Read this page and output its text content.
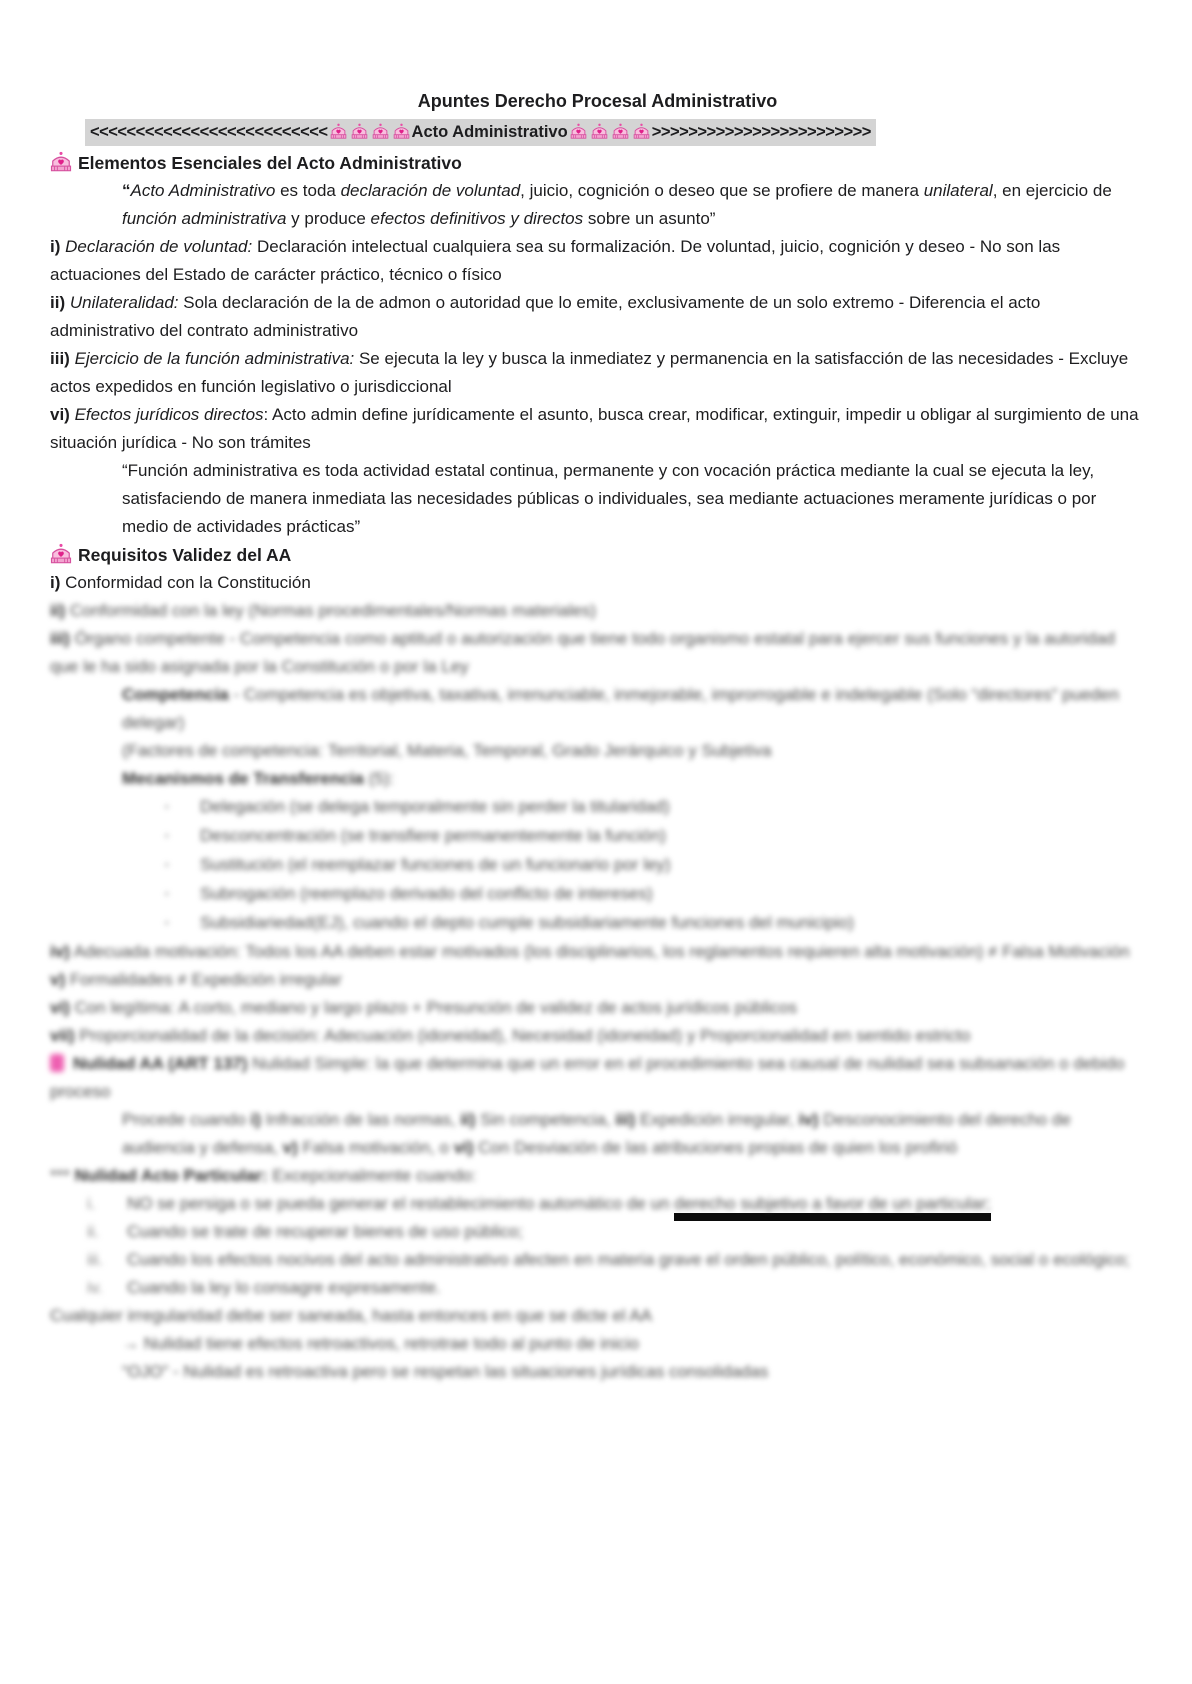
Apuntes Derecho Procesal Administrativo
<<<<<<<<<<<<<<<<<<<<<<<<<<	Acto Administrativo	>>>>>>>>>>>>>>>>>>>>>>>>
Elementos Esenciales del Acto Administrativo
“Acto Administrativo es toda declaración de voluntad, juicio, cognición o deseo que se profiere de manera unilateral, en ejercicio de función administrativa y produce efectos definitivos y directos sobre un asunto”
i) Declaración de voluntad: Declaración intelectual cualquiera sea su formalización. De voluntad, juicio, cognición y deseo - No son las actuaciones del Estado de carácter práctico, técnico o físico
ii) Unilateralidad: Sola declaración de la de admon o autoridad que lo emite, exclusivamente de un solo extremo - Diferencia el acto administrativo del contrato administrativo
iii) Ejercicio de la función administrativa: Se ejecuta la ley y busca la inmediatez y permanencia en la satisfacción de las necesidades - Excluye actos expedidos en función legislativo o jurisdiccional
vi) Efectos jurídicos directos: Acto admin define jurídicamente el asunto, busca crear, modificar, extinguir, impedir u obligar al surgimiento de una situación jurídica - No son trámites
“Función administrativa es toda actividad estatal continua, permanente y con vocación práctica mediante la cual se ejecuta la ley, satisfaciendo de manera inmediata las necesidades públicas o individuales, sea mediante actuaciones meramente jurídicas o por medio de actividades prácticas”
Requisitos Validez del AA
i) Conformidad con la Constitución
ii) Conformidad con la ley (Normas procedimentales/Normas materiales)
iii) Órgano competente - Competencia como aptitud o autorización que tiene todo organismo estatal para ejercer sus funciones y la autoridad que le ha sido asignada por la Constitución o por la Ley
Competencia - Competencia es objetiva, taxativa, irrenunciable, inmejorable, improrrogable e indelegable (Solo “directores” pueden delegar)
(Factores de competencia: Territorial, Materia, Temporal, Grado Jerárquico y Subjetiva
Mecanismos de Transferencia (5):
▪ Delegación (se delega temporalmente sin perder la titularidad)
▪ Desconcentración (se transfiere permanentemente la función)
▪ Sustitución (el reemplazar funciones de un funcionario por ley)
▪ Subrogación (reemplazo derivado del conflicto de intereses)
▪ Subsidiariedad(EJ), cuando el depto cumple subsidiariamente funciones del municipio)
iv) Adecuada motivación: Todos los AA deben estar motivados (los disciplinarios, los reglamentos requieren alta motivación) ≠ Falsa Motivación
v) Formalidades ≠ Expedición irregular
vi) Con legítima: A corto, mediano y largo plazo + Presunción de validez de actos jurídicos públicos
vii) Proporcionalidad de la decisión: Adecuación (idoneidad), Necesidad (idoneidad) y Proporcionalidad en sentido estricto
Nulidad AA (ART 137) Nulidad Simple: la que determina que un error en el procedimiento sea causal de nulidad sea subsanación o debido proceso
Procede cuando i) Infracción de las normas, ii) Sin competencia, iii) Expedición irregular, iv) Desconocimiento del derecho de audiencia y defensa, v) Falsa motivación, o vi) Con Desviación de las atribuciones propias de quien los profirió
*** Nulidad Acto Particular: Excepcionalmente cuando:
i. NO se persiga o se pueda generar el restablecimiento automático de un derecho subjetivo a favor de un particular;
ii. Cuando se trate de recuperar bienes de uso público;
iii. Cuando los efectos nocivos del acto administrativo afecten en materia grave el orden público, político, económico, social o ecológico;
iv. Cuando la ley lo consagre expresamente.
Cualquier irregularidad debe ser saneada, hasta entonces en que se dicte el AA
→ Nulidad tiene efectos retroactivos, retrotrae todo al punto de inicio
“OJO” - Nulidad es retroactiva pero se respetan las situaciones jurídicas consolidadas
